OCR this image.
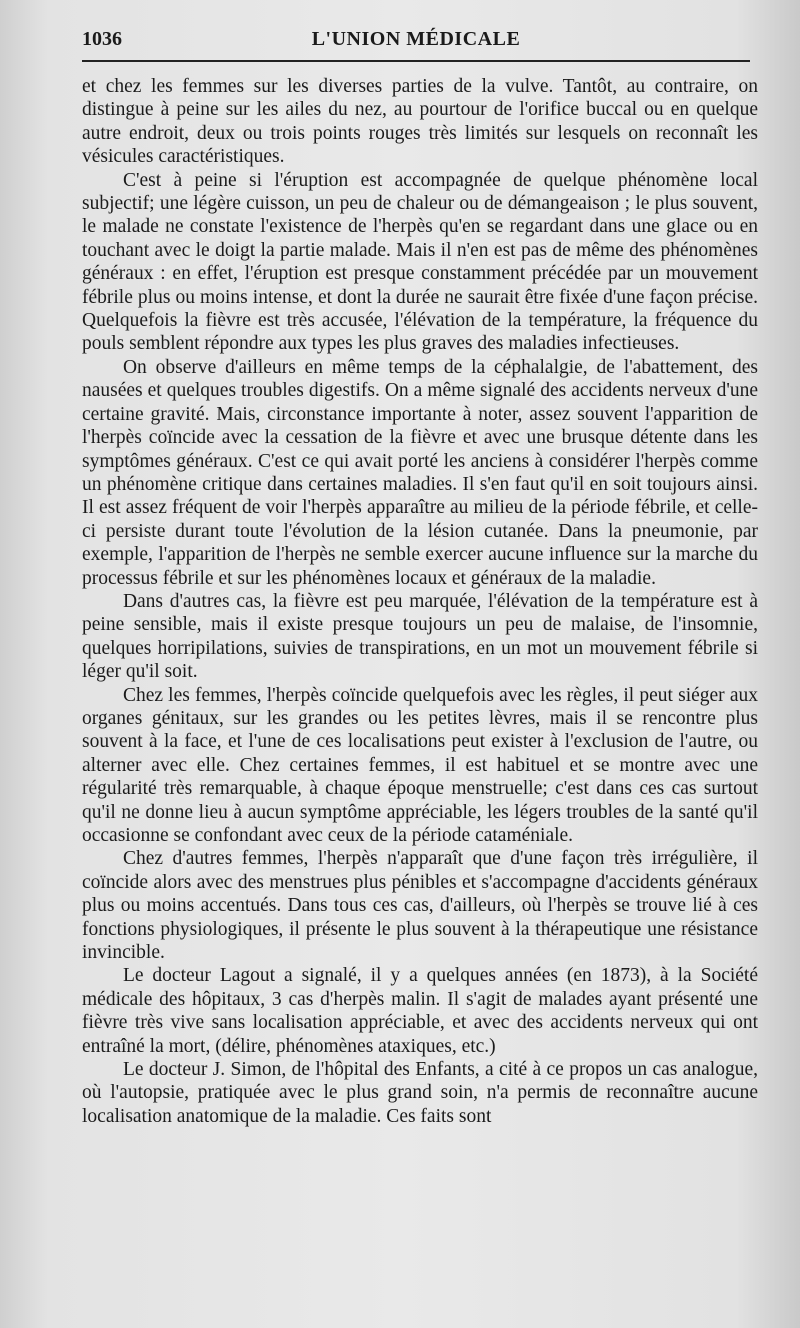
1036	L'UNION MÉDICALE

et chez les femmes sur les diverses parties de la vulve. Tantôt, au contraire, on distingue à peine sur les ailes du nez, au pourtour de l'orifice buccal ou en quelque autre endroit, deux ou trois points rouges très limités sur lesquels on reconnaît les vésicules caractéristiques.

C'est à peine si l'éruption est accompagnée de quelque phénomène local subjectif; une légère cuisson, un peu de chaleur ou de démangeaison ; le plus souvent, le malade ne constate l'existence de l'herpès qu'en se regardant dans une glace ou en touchant avec le doigt la partie malade. Mais il n'en est pas de même des phénomènes généraux : en effet, l'éruption est presque constamment précédée par un mouvement fébrile plus ou moins intense, et dont la durée ne saurait être fixée d'une façon précise. Quelquefois la fièvre est très accusée, l'élévation de la température, la fréquence du pouls semblent répondre aux types les plus graves des maladies infectieuses.

On observe d'ailleurs en même temps de la céphalalgie, de l'abattement, des nausées et quelques troubles digestifs. On a même signalé des accidents nerveux d'une certaine gravité. Mais, circonstance importante à noter, assez souvent l'apparition de l'herpès coïncide avec la cessation de la fièvre et avec une brusque détente dans les symptômes généraux. C'est ce qui avait porté les anciens à considérer l'herpès comme un phénomène critique dans certaines maladies. Il s'en faut qu'il en soit toujours ainsi. Il est assez fréquent de voir l'herpès apparaître au milieu de la période fébrile, et celle-ci persiste durant toute l'évolution de la lésion cutanée. Dans la pneumonie, par exemple, l'apparition de l'herpès ne semble exercer aucune influence sur la marche du processus fébrile et sur les phénomènes locaux et généraux de la maladie.

Dans d'autres cas, la fièvre est peu marquée, l'élévation de la température est à peine sensible, mais il existe presque toujours un peu de malaise, de l'insomnie, quelques horripilations, suivies de transpirations, en un mot un mouvement fébrile si léger qu'il soit.

Chez les femmes, l'herpès coïncide quelquefois avec les règles, il peut siéger aux organes génitaux, sur les grandes ou les petites lèvres, mais il se rencontre plus souvent à la face, et l'une de ces localisations peut exister à l'exclusion de l'autre, ou alterner avec elle. Chez certaines femmes, il est habituel et se montre avec une régularité très remarquable, à chaque époque menstruelle; c'est dans ces cas surtout qu'il ne donne lieu à aucun symptôme appréciable, les légers troubles de la santé qu'il occasionne se confondant avec ceux de la période cataméniale.

Chez d'autres femmes, l'herpès n'apparaît que d'une façon très irrégulière, il coïncide alors avec des menstrues plus pénibles et s'accompagne d'accidents généraux plus ou moins accentués. Dans tous ces cas, d'ailleurs, où l'herpès se trouve lié à ces fonctions physiologiques, il présente le plus souvent à la thérapeutique une résistance invincible.

Le docteur Lagout a signalé, il y a quelques années (en 1873), à la Société médicale des hôpitaux, 3 cas d'herpès malin. Il s'agit de malades ayant présenté une fièvre très vive sans localisation appréciable, et avec des accidents nerveux qui ont entraîné la mort, (délire, phénomènes ataxiques, etc.)

Le docteur J. Simon, de l'hôpital des Enfants, a cité à ce propos un cas analogue, où l'autopsie, pratiquée avec le plus grand soin, n'a permis de reconnaître aucune localisation anatomique de la maladie. Ces faits sont
